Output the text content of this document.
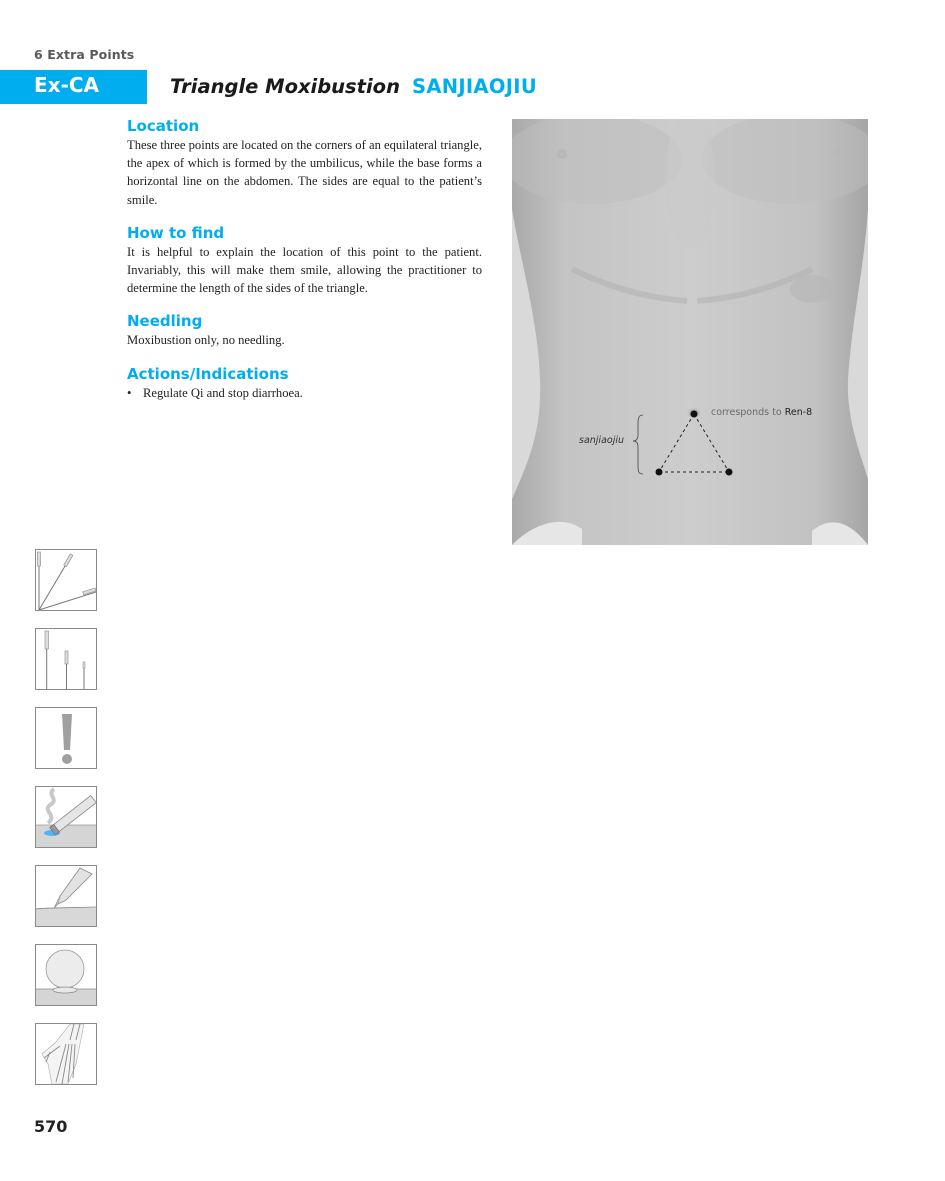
6 Extra Points
Ex-CA	Triangle Moxibustion SANJIAOJIU
Location
These three points are located on the corners of an equilateral triangle, the apex of which is formed by the umbilicus, while the base forms a horizontal line on the abdomen. The sides are equal to the patient’s smile.
How to find
It is helpful to explain the location of this point to the patient. Invariably, this will make them smile, allowing the practitioner to determine the length of the sides of the triangle.
Needling
Moxibustion only, no needling.
Actions/Indications
• Regulate Qi and stop diarrhoea.
corresponds to Ren-8
sanjiaojiu
570
